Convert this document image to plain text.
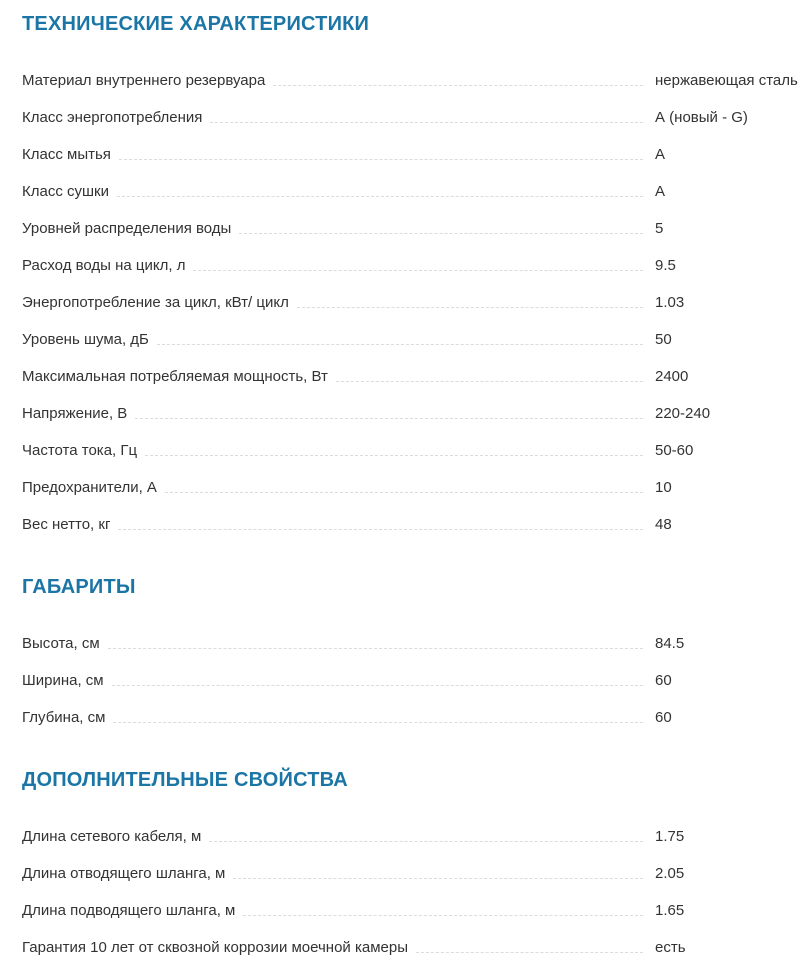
ТЕХНИЧЕСКИЕ ХАРАКТЕРИСТИКИ
Материал внутреннего резервуара	нержавеющая сталь
Класс энергопотребления	А (новый - G)
Класс мытья	А
Класс сушки	А
Уровней распределения воды	5
Расход воды на цикл, л	9.5
Энергопотребление за цикл, кВт/ цикл	1.03
Уровень шума, дБ	50
Максимальная потребляемая мощность, Вт	2400
Напряжение, В	220-240
Частота тока, Гц	50-60
Предохранители, А	10
Вес нетто, кг	48
ГАБАРИТЫ
Высота, см	84.5
Ширина, см	60
Глубина, см	60
ДОПОЛНИТЕЛЬНЫЕ СВОЙСТВА
Длина сетевого кабеля, м	1.75
Длина отводящего шланга, м	2.05
Длина подводящего шланга, м	1.65
Гарантия 10 лет от сквозной коррозии моечной камеры	есть
